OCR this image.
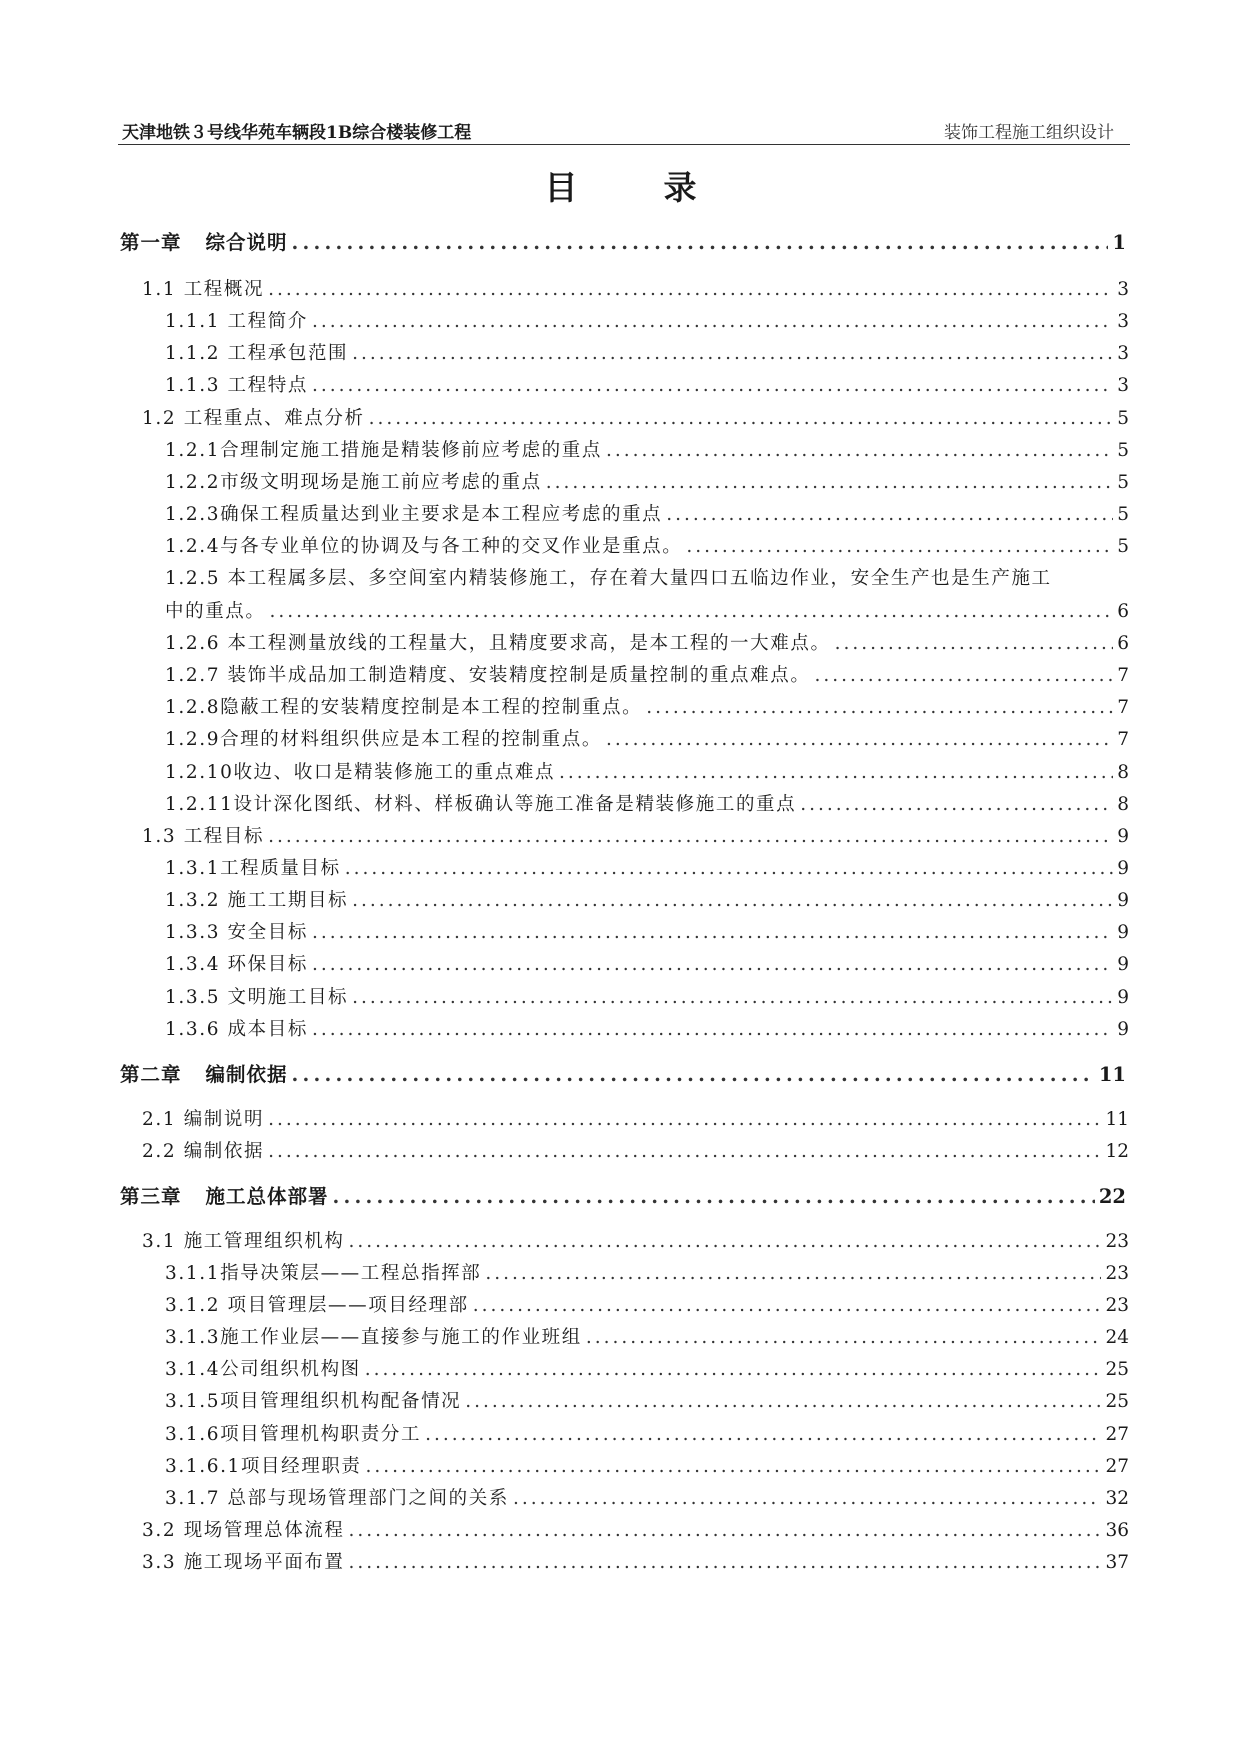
天津地铁３号线华苑车辆段1B综合楼装修工程	装饰工程施工组织设计
目	录
第一章 综合说明 .....	1
1.1 工程概况 .....	3
1.1.1 工程简介 .....	3
1.1.2 工程承包范围 .....	3
1.1.3 工程特点 .....	3
1.2 工程重点、难点分析 .....	5
1.2.1合理制定施工措施是精装修前应考虑的重点 .....	5
1.2.2市级文明现场是施工前应考虑的重点 .....	5
1.2.3确保工程质量达到业主要求是本工程应考虑的重点 .....	5
1.2.4与各专业单位的协调及与各工种的交叉作业是重点。 .....	5
1.2.5 本工程属多层、多空间室内精装修施工，存在着大量四口五临边作业，安全生产也是生产施工
中的重点。 .....	6
1.2.6 本工程测量放线的工程量大，且精度要求高，是本工程的一大难点。 .....	6
1.2.7 装饰半成品加工制造精度、安装精度控制是质量控制的重点难点。 .....	7
1.2.8隐蔽工程的安装精度控制是本工程的控制重点。 .....	7
1.2.9合理的材料组织供应是本工程的控制重点。 .....	7
1.2.10收边、收口是精装修施工的重点难点 .....	8
1.2.11设计深化图纸、材料、样板确认等施工准备是精装修施工的重点 .....	8
1.3 工程目标 .....	9
1.3.1工程质量目标 .....	9
1.3.2 施工工期目标 .....	9
1.3.3 安全目标 .....	9
1.3.4 环保目标 .....	9
1.3.5 文明施工目标 .....	9
1.3.6 成本目标 .....	9
第二章 编制依据 .....	11
2.1 编制说明 .....	11
2.2 编制依据 .....	12
第三章 施工总体部署 .....	22
3.1 施工管理组织机构 .....	23
3.1.1指导决策层——工程总指挥部 .....	23
3.1.2 项目管理层——项目经理部 .....	23
3.1.3施工作业层——直接参与施工的作业班组 .....	24
3.1.4公司组织机构图 .....	25
3.1.5项目管理组织机构配备情况 .....	25
3.1.6项目管理机构职责分工 .....	27
3.1.6.1项目经理职责 .....	27
3.1.7 总部与现场管理部门之间的关系 .....	32
3.2 现场管理总体流程 .....	36
3.3 施工现场平面布置 .....	37
